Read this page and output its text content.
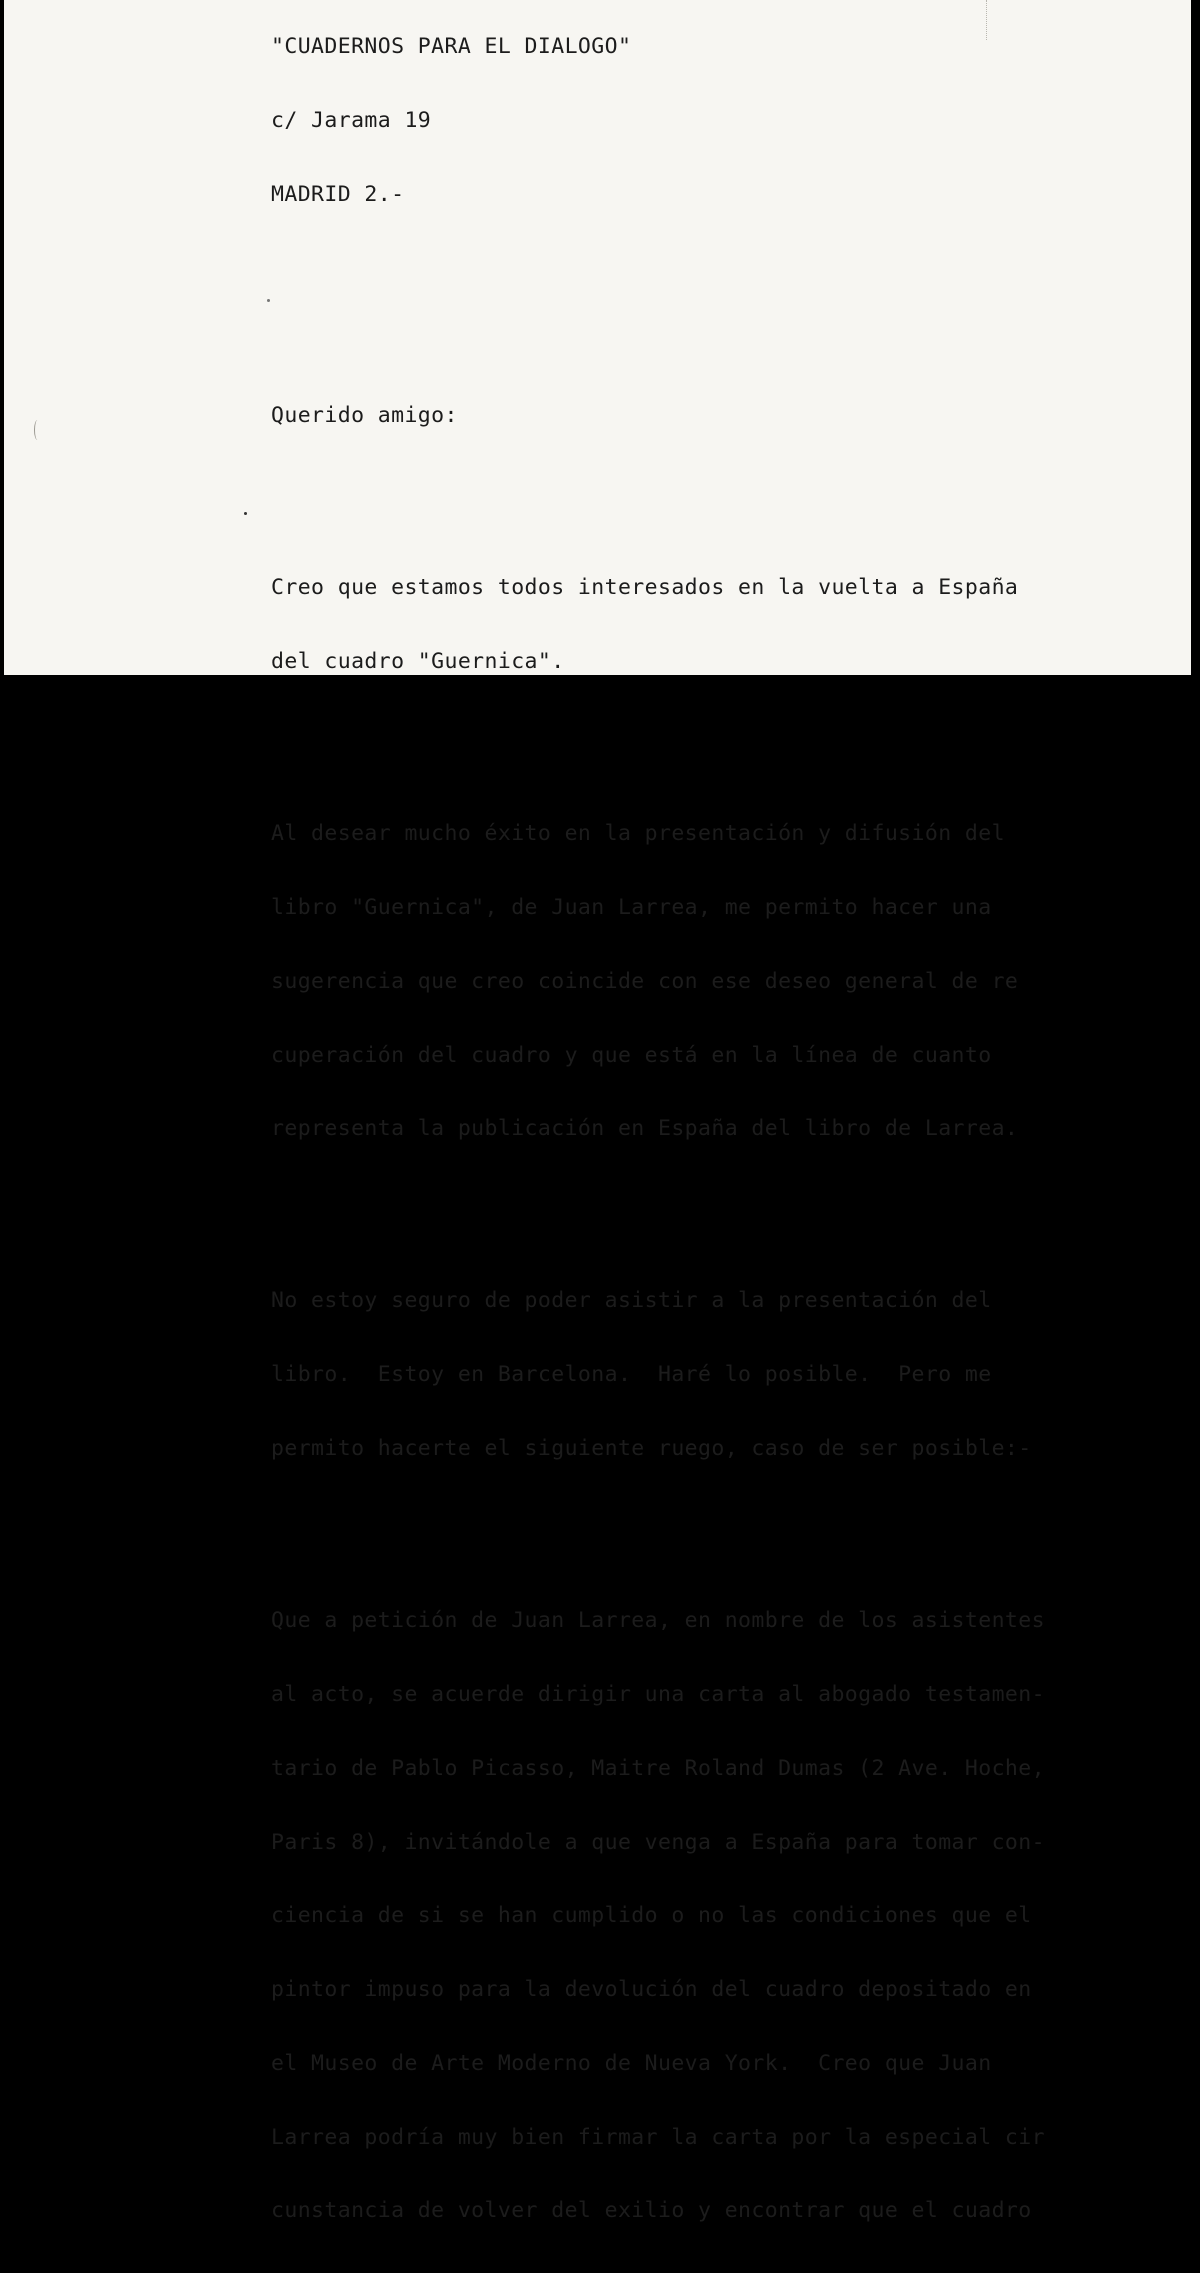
"CUADERNOS PARA EL DIALOGO"

c/ Jarama 19

MADRID 2.-

Querido amigo:

Creo que estamos todos interesados en la vuelta a España

del cuadro "Guernica".

Al desear mucho éxito en la presentación y difusión del

libro "Guernica", de Juan Larrea, me permito hacer una

sugerencia que creo coincide con ese deseo general de re

cuperación del cuadro y que está en la línea de cuanto

representa la publicación en España del libro de Larrea.

No estoy seguro de poder asistir a la presentación del

libro.  Estoy en Barcelona.  Haré lo posible.  Pero me

permito hacerte el siguiente ruego, caso de ser posible:-

Que a petición de Juan Larrea, en nombre de los asistentes

al acto, se acuerde dirigir una carta al abogado testamen-

tario de Pablo Picasso, Maitre Roland Dumas (2 Ave. Hoche,

Paris 8), invitándole a que venga a España para tomar con-

ciencia de si se han cumplido o no las condiciones que el

pintor impuso para la devolución del cuadro depositado en

el Museo de Arte Moderno de Nueva York.  Creo que Juan

Larrea podría muy bien firmar la carta por la especial cir

cunstancia de volver del exilio y encontrar que el cuadro
